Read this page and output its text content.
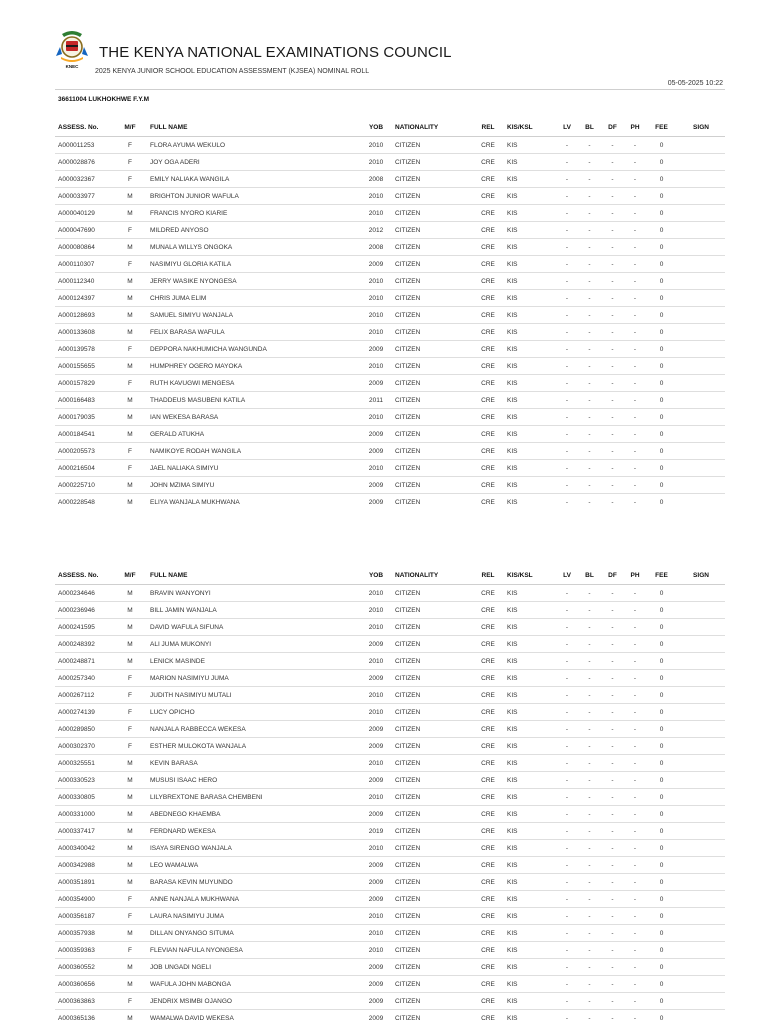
KNEC
THE KENYA NATIONAL EXAMINATIONS COUNCIL
2025 KENYA JUNIOR SCHOOL EDUCATION ASSESSMENT (KJSEA) NOMINAL ROLL
05-05-2025 10:22
36611004 LUKHOKHWE F.Y.M
ASSESS. No.	M/F	FULL NAME	YOB	NATIONALITY	REL	KIS/KSL	LV	BL	DF	PH	FEE	SIGN
A000011253	F	FLORA AYUMA WEKULO	2010	CITIZEN	CRE	KIS	-	-	-	-	0	
A000028876	F	JOY OGA ADERI	2010	CITIZEN	CRE	KIS	-	-	-	-	0	
A000032367	F	EMILY NALIAKA WANGILA	2008	CITIZEN	CRE	KIS	-	-	-	-	0	
A000033977	M	BRIGHTON JUNIOR WAFULA	2010	CITIZEN	CRE	KIS	-	-	-	-	0	
A000040129	M	FRANCIS NYORO KIARIE	2010	CITIZEN	CRE	KIS	-	-	-	-	0	
A000047690	F	MILDRED ANYOSO	2012	CITIZEN	CRE	KIS	-	-	-	-	0	
A000080864	M	MUNALA WILLYS ONGOKA	2008	CITIZEN	CRE	KIS	-	-	-	-	0	
A000110307	F	NASIMIYU GLORIA KATILA	2009	CITIZEN	CRE	KIS	-	-	-	-	0	
A000112340	M	JERRY WASIKE NYONGESA	2010	CITIZEN	CRE	KIS	-	-	-	-	0	
A000124397	M	CHRIS JUMA ELIM	2010	CITIZEN	CRE	KIS	-	-	-	-	0	
A000128693	M	SAMUEL SIMIYU WANJALA	2010	CITIZEN	CRE	KIS	-	-	-	-	0	
A000133608	M	FELIX BARASA WAFULA	2010	CITIZEN	CRE	KIS	-	-	-	-	0	
A000139578	F	DEPPORA NAKHUMICHA WANGUNDA	2009	CITIZEN	CRE	KIS	-	-	-	-	0	
A000155655	M	HUMPHREY OGERO MAYOKA	2010	CITIZEN	CRE	KIS	-	-	-	-	0	
A000157829	F	RUTH KAVUGWI MENGESA	2009	CITIZEN	CRE	KIS	-	-	-	-	0	
A000166483	M	THADDEUS MASUBENI KATILA	2011	CITIZEN	CRE	KIS	-	-	-	-	0	
A000179035	M	IAN WEKESA BARASA	2010	CITIZEN	CRE	KIS	-	-	-	-	0	
A000184541	M	GERALD ATUKHA	2009	CITIZEN	CRE	KIS	-	-	-	-	0	
A000205573	F	NAMIKOYE RODAH WANGILA	2009	CITIZEN	CRE	KIS	-	-	-	-	0	
A000216504	F	JAEL NALIAKA SIMIYU	2010	CITIZEN	CRE	KIS	-	-	-	-	0	
A000225710	M	JOHN MZIMA SIMIYU	2009	CITIZEN	CRE	KIS	-	-	-	-	0	
A000228548	M	ELIYA WANJALA MUKHWANA	2009	CITIZEN	CRE	KIS	-	-	-	-	0	
ASSESS. No.	M/F	FULL NAME	YOB	NATIONALITY	REL	KIS/KSL	LV	BL	DF	PH	FEE	SIGN
A000234646	M	BRAVIN WANYONYI	2010	CITIZEN	CRE	KIS	-	-	-	-	0	
A000236946	M	BILL JAMIN WANJALA	2010	CITIZEN	CRE	KIS	-	-	-	-	0	
A000241595	M	DAVID WAFULA SIFUNA	2010	CITIZEN	CRE	KIS	-	-	-	-	0	
A000248392	M	ALI JUMA MUKONYI	2009	CITIZEN	CRE	KIS	-	-	-	-	0	
A000248871	M	LENICK MASINDE	2010	CITIZEN	CRE	KIS	-	-	-	-	0	
A000257340	F	MARION NASIMIYU JUMA	2009	CITIZEN	CRE	KIS	-	-	-	-	0	
A000267112	F	JUDITH NASIMIYU MUTALI	2010	CITIZEN	CRE	KIS	-	-	-	-	0	
A000274139	F	LUCY OPICHO	2010	CITIZEN	CRE	KIS	-	-	-	-	0	
A000289850	F	NANJALA RABBECCA WEKESA	2009	CITIZEN	CRE	KIS	-	-	-	-	0	
A000302370	F	ESTHER MULOKOTA WANJALA	2009	CITIZEN	CRE	KIS	-	-	-	-	0	
A000325551	M	KEVIN BARASA	2010	CITIZEN	CRE	KIS	-	-	-	-	0	
A000330523	M	MUSUSI ISAAC HERO	2009	CITIZEN	CRE	KIS	-	-	-	-	0	
A000330805	M	LILYBREXTONE BARASA CHEMBENI	2010	CITIZEN	CRE	KIS	-	-	-	-	0	
A000331000	M	ABEDNEGO KHAEMBA	2009	CITIZEN	CRE	KIS	-	-	-	-	0	
A000337417	M	FERDNARD WEKESA	2019	CITIZEN	CRE	KIS	-	-	-	-	0	
A000340042	M	ISAYA SIRENGO WANJALA	2010	CITIZEN	CRE	KIS	-	-	-	-	0	
A000342988	M	LEO WAMALWA	2009	CITIZEN	CRE	KIS	-	-	-	-	0	
A000351891	M	BARASA KEVIN MUYUNDO	2009	CITIZEN	CRE	KIS	-	-	-	-	0	
A000354900	F	ANNE NANJALA MUKHWANA	2009	CITIZEN	CRE	KIS	-	-	-	-	0	
A000356187	F	LAURA NASIMIYU JUMA	2010	CITIZEN	CRE	KIS	-	-	-	-	0	
A000357938	M	DILLAN ONYANGO SITUMA	2010	CITIZEN	CRE	KIS	-	-	-	-	0	
A000359363	F	FLEVIAN NAFULA NYONGESA	2010	CITIZEN	CRE	KIS	-	-	-	-	0	
A000360552	M	JOB UNGADI NGELI	2009	CITIZEN	CRE	KIS	-	-	-	-	0	
A000360656	M	WAFULA JOHN MABONGA	2009	CITIZEN	CRE	KIS	-	-	-	-	0	
A000363863	F	JENDRIX MSIMBI OJANGO	2009	CITIZEN	CRE	KIS	-	-	-	-	0	
A000365136	M	WAMALWA DAVID WEKESA	2009	CITIZEN	CRE	KIS	-	-	-	-	0	
